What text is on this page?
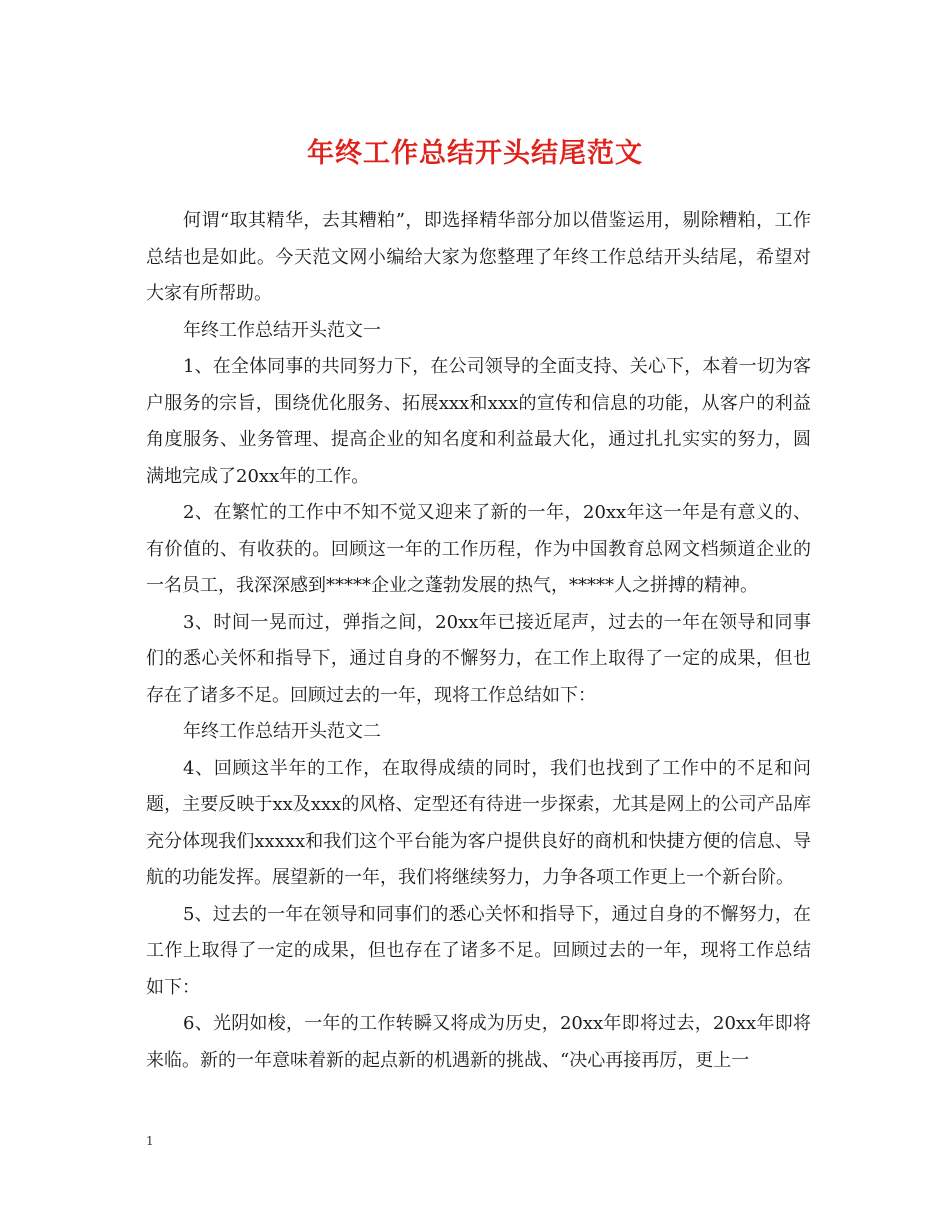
年终工作总结开头结尾范文

何谓“取其精华，去其糟粕”，即选择精华部分加以借鉴运用，剔除糟粕，工作总结也是如此。今天范文网小编给大家为您整理了年终工作总结开头结尾，希望对大家有所帮助。

年终工作总结开头范文一

1、在全体同事的共同努力下，在公司领导的全面支持、关心下，本着一切为客户服务的宗旨，围绕优化服务、拓展xxx和xxx的宣传和信息的功能，从客户的利益角度服务、业务管理、提高企业的知名度和利益最大化，通过扎扎实实的努力，圆满地完成了20xx年的工作。

2、在繁忙的工作中不知不觉又迎来了新的一年，20xx年这一年是有意义的、有价值的、有收获的。回顾这一年的工作历程，作为中国教育总网文档频道企业的一名员工，我深深感到*****企业之蓬勃发展的热气，*****人之拼搏的精神。

3、时间一晃而过，弹指之间，20xx年已接近尾声，过去的一年在领导和同事们的悉心关怀和指导下，通过自身的不懈努力，在工作上取得了一定的成果，但也存在了诸多不足。回顾过去的一年，现将工作总结如下：

年终工作总结开头范文二

4、回顾这半年的工作，在取得成绩的同时，我们也找到了工作中的不足和问题，主要反映于xx及xxx的风格、定型还有待进一步探索，尤其是网上的公司产品库充分体现我们xxxxx和我们这个平台能为客户提供良好的商机和快捷方便的信息、导航的功能发挥。展望新的一年，我们将继续努力，力争各项工作更上一个新台阶。

5、过去的一年在领导和同事们的悉心关怀和指导下，通过自身的不懈努力，在工作上取得了一定的成果，但也存在了诸多不足。回顾过去的一年，现将工作总结如下：

6、光阴如梭，一年的工作转瞬又将成为历史，20xx年即将过去，20xx年即将来临。新的一年意味着新的起点新的机遇新的挑战、“决心再接再厉，更上一

1
